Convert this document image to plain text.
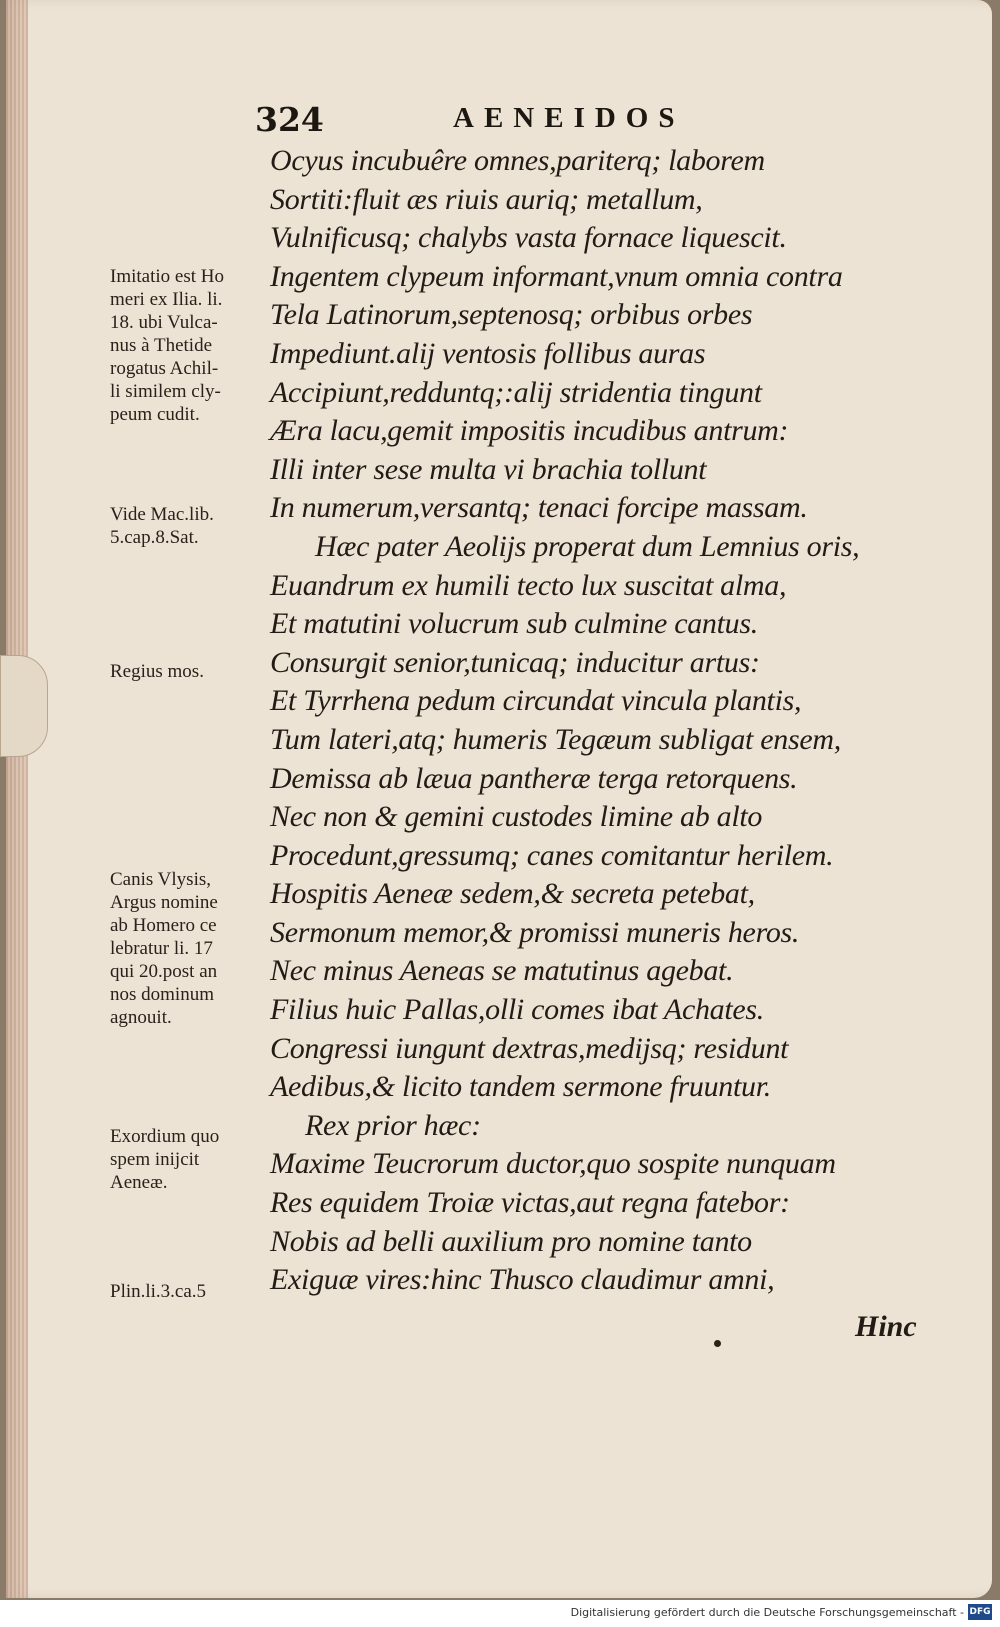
324	AENEIDOS
Ocyus incubuêre omnes,pariterq; laborem
Sortiti:fluit æs riuis auriq; metallum,
Vulnificusq; chalybs vasta fornace liquescit.
Ingentem clypeum informant,vnum omnia contra
Tela Latinorum,septenosq; orbibus orbes
Impediunt.alij ventosis follibus auras
Accipiunt,redduntq;:alij stridentia tingunt
Æra lacu,gemit impositis incudibus antrum:
Illi inter sese multa vi brachia tollunt
In numerum,versantq; tenaci forcipe massam.
Hæc pater Aeolijs properat dum Lemnius oris,
Euandrum ex humili tecto lux suscitat alma,
Et matutini volucrum sub culmine cantus.
Consurgit senior,tunicaq; inducitur artus:
Et Tyrrhena pedum circundat vincula plantis,
Tum lateri,atq; humeris Tegæum subligat ensem,
Demissa ab læua pantheræ terga retorquens.
Nec non & gemini custodes limine ab alto
Procedunt,gressumq; canes comitantur herilem.
Hospitis Aeneæ sedem,& secreta petebat,
Sermonum memor,& promissi muneris heros.
Nec minus Aeneas se matutinus agebat.
Filius huic Pallas,olli comes ibat Achates.
Congressi iungunt dextras,medijsq; residunt
Aedibus,& licito tandem sermone fruuntur.
Rex prior hæc:
Maxime Teucrorum ductor,quo sospite nunquam
Res equidem Troiæ victas,aut regna fatebor:
Nobis ad belli auxilium pro nomine tanto
Exiguæ vires:hinc Thusco claudimur amni,
Hinc
Imitatio est Ho
meri ex Ilia. li.
18. ubi Vulca-
nus à Thetide
rogatus Achil-
li similem cly-
peum cudit.
Vide Mac.lib.
5.cap.8.Sat.
Regius mos.
Canis Vlysis,
Argus nomine
ab Homero ce
lebratur li. 17
qui 20.post an
nos dominum
agnouit.
Exordium quo
spem inijcit
Aeneæ.
Plin.li.3.ca.5
Digitalisierung gefördert durch die Deutsche Forschungsgemeinschaft - DFG
